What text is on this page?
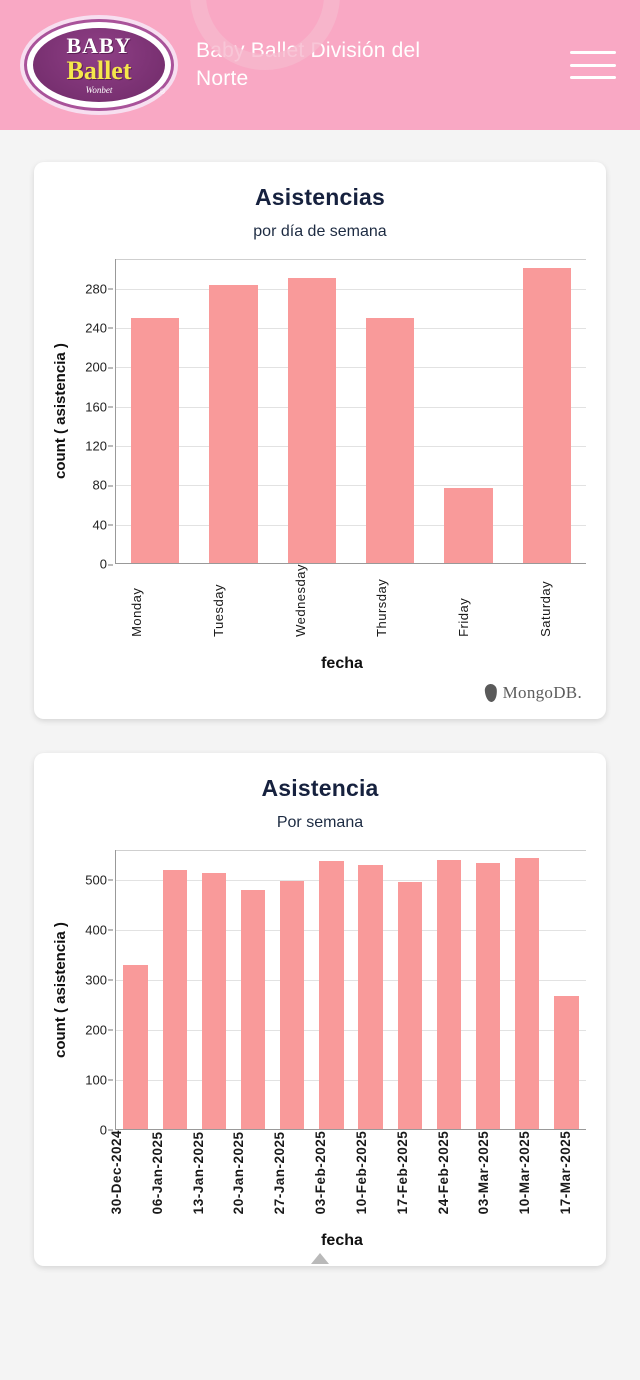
BABY
Ballet
Wonbet	®
Baby Ballet División del Norte
Asistencias
por día de semana
count ( asistencia )
0
40
80
120
160
200
240
280
Monday	Tuesday	Wednesday	Thursday	Friday	Saturday
fecha
MongoDB.
Asistencia
Por semana
count ( asistencia )
0
100
200
300
400
500
30-Dec-2024 06-Jan-2025 13-Jan-2025 20-Jan-2025 27-Jan-2025 03-Feb-2025 10-Feb-2025 17-Feb-2025 24-Feb-2025 03-Mar-2025 10-Mar-2025 17-Mar-2025
fecha
